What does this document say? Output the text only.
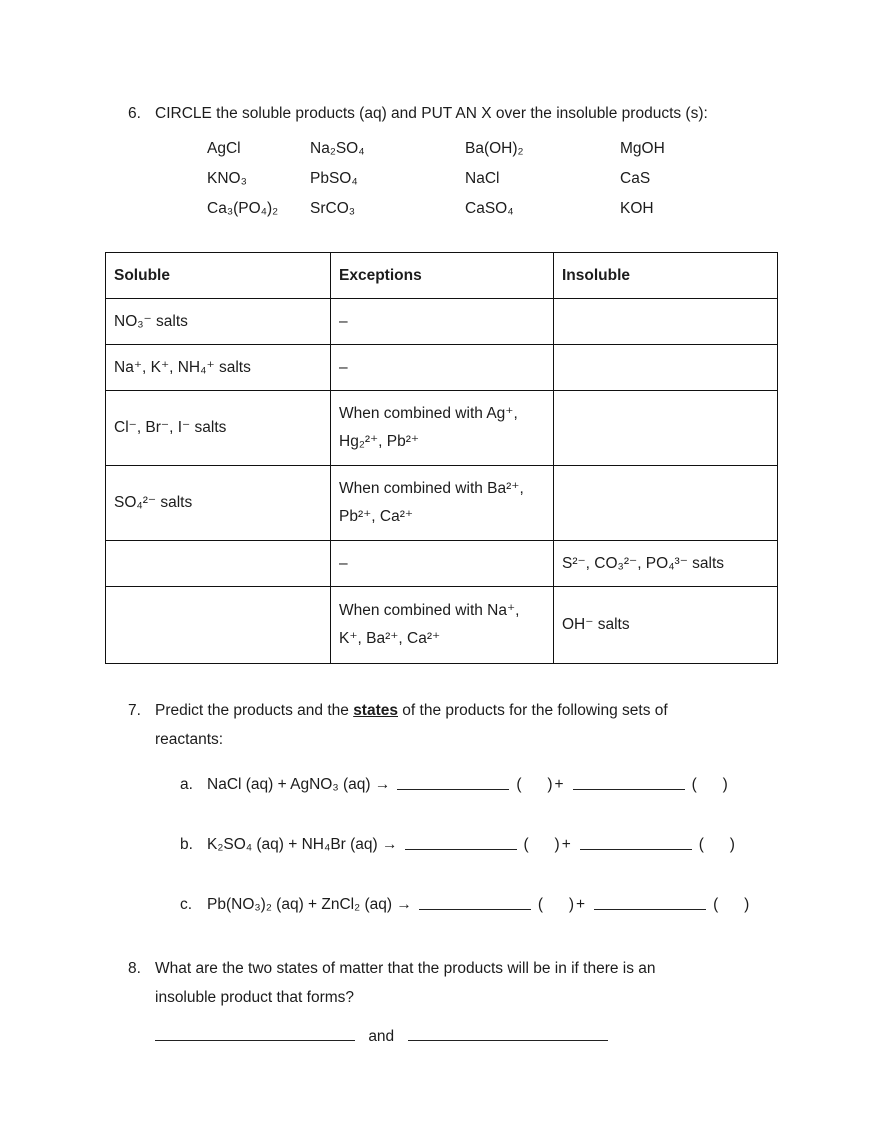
6. CIRCLE the soluble products (aq) and PUT AN X over the insoluble products (s):
AgCl	Na₂SO₄	Ba(OH)₂	MgOH
KNO₃	PbSO₄	NaCl	CaS
Ca₃(PO₄)₂	SrCO₃	CaSO₄	KOH
Soluble	Exceptions	Insoluble
NO₃⁻ salts	–	
Na⁺, K⁺, NH₄⁺ salts	–	
Cl⁻, Br⁻, I⁻ salts	When combined with Ag⁺, Hg₂²⁺, Pb²⁺	
SO₄²⁻ salts	When combined with Ba²⁺, Pb²⁺, Ca²⁺	
	–	S²⁻, CO₃²⁻, PO₄³⁻ salts
	When combined with Na⁺, K⁺, Ba²⁺, Ca²⁺	OH⁻ salts
7. Predict the products and the states of the products for the following sets of
reactants:
a. NaCl (aq) + AgNO₃ (aq) →	(      ) +	(      )
b. K₂SO₄ (aq) + NH₄Br (aq) →	(      ) +	(      )
c. Pb(NO₃)₂ (aq) + ZnCl₂ (aq) →	(      ) +	(      )
8. What are the two states of matter that the products will be in if there is an
insoluble product that forms?
and
